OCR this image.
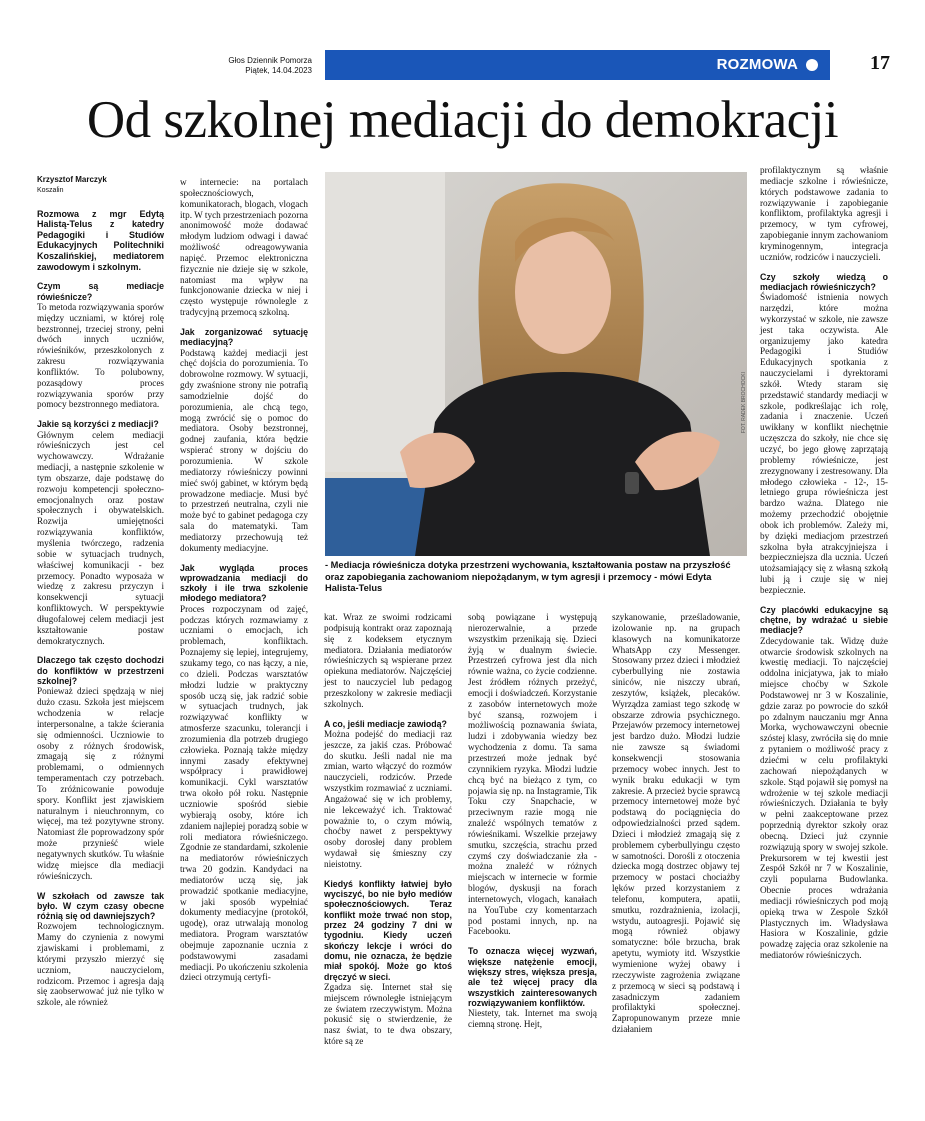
Głos Dziennik Pomorza
Piątek, 14.04.2023	ROZMOWA	17
Od szkolnej mediacji do demokracji

Krzysztof Marczyk

Koszalin

Rozmowa z mgr Edytą Halistą-Telus z katedry Pedagogiki i Studiów Edukacyjnych Politechniki Koszalińskiej, mediatorem zawodowym i szkolnym.

Czym są mediacje rówieśnicze?

To metoda rozwiązywania sporów między uczniami, w której rolę bezstronnej, trzeciej strony, pełni dwóch innych uczniów, rówieśników, przeszkolonych z zakresu rozwiązywania konfliktów. To polubowny, pozasądowy proces rozwiązywania sporów przy pomocy bezstronnego mediatora.

Jakie są korzyści z mediacji?

Głównym celem mediacji rówieśniczych jest cel wychowawczy. Wdrażanie mediacji, a następnie szkolenie w tym obszarze, daje podstawę do rozwoju kompetencji społeczno-emocjonalnych oraz postaw społecznych i obywatelskich. Rozwija umiejętności rozwiązywania konfliktów, myślenia twórczego, radzenia sobie w sytuacjach trudnych, właściwej komunikacji - bez przemocy. Ponadto wyposaża w wiedzę z zakresu przyczyn i konsekwencji sytuacji konfliktowych. W perspektywie długofalowej celem mediacji jest kształtowanie postaw demokratycznych.

Dlaczego tak często dochodzi do konfliktów w przestrzeni szkolnej?

Ponieważ dzieci spędzają w niej dużo czasu. Szkoła jest miejscem wchodzenia w relacje interpersonalne, a także ścierania się odmienności. Uczniowie to osoby z różnych środowisk, zmagają się z różnymi problemami, o odmiennych temperamentach czy potrzebach. To zróżnicowanie powoduje spory. Konflikt jest zjawiskiem naturalnym i nieuchronnym, co więcej, ma też pozytywne strony. Natomiast źle poprowadzony spór może przynieść wiele negatywnych skutków. Tu właśnie widzę miejsce dla mediacji rówieśniczych.

W szkołach od zawsze tak było. W czym czasy obecne różnią się od dawniejszych?

Rozwojem technologicznym. Mamy do czynienia z nowymi zjawiskami i problemami, z którymi przyszło mierzyć się uczniom, nauczycielom, rodzicom. Przemoc i agresja dają się zaobserwować już nie tylko w szkole, ale również

w internecie: na portalach społecznościowych, komunikatorach, blogach, vlogach itp. W tych przestrzeniach pozorna anonimowość może dodawać młodym ludziom odwagi i dawać możliwość odreagowywania napięć. Przemoc elektroniczna fizycznie nie dzieje się w szkole, natomiast ma wpływ na funkcjonowanie dziecka w niej i często występuje równolegle z tradycyjną przemocą szkolną.

Jak zorganizować sytuację mediacyjną?

Podstawą każdej mediacji jest chęć dojścia do porozumienia. To dobrowolne rozmowy. W sytuacji, gdy zwaśnione strony nie potrafią samodzielnie dojść do porozumienia, ale chcą tego, mogą zwrócić się o pomoc do mediatora. Osoby bezstronnej, godnej zaufania, która będzie wspierać strony w dojściu do porozumienia. W szkole mediatorzy rówieśniczy powinni mieć swój gabinet, w którym będą prowadzone mediacje. Musi być to przestrzeń neutralna, czyli nie może być to gabinet pedagoga czy sala do matematyki. Tam mediatorzy przechowują też dokumenty mediacyjne.

Jak wygląda proces wprowadzania mediacji do szkoły i ile trwa szkolenie młodego mediatora?

Proces rozpoczynam od zajęć, podczas których rozmawiamy z uczniami o emocjach, ich problemach, konfliktach. Poznajemy się lepiej, integrujemy, szukamy tego, co nas łączy, a nie, co dzieli. Podczas warsztatów młodzi ludzie w praktyczny sposób uczą się, jak radzić sobie w sytuacjach trudnych, jak rozwiązywać konflikty w atmosferze szacunku, tolerancji i zrozumienia dla potrzeb drugiego człowieka. Poznają także między innymi zasady efektywnej współpracy i prawidłowej komunikacji. Cykl warsztatów trwa około pół roku. Następnie uczniowie spośród siebie wybierają osoby, które ich zdaniem najlepiej poradzą sobie w roli mediatora rówieśniczego. Zgodnie ze standardami, szkolenie na mediatorów rówieśniczych trwa 20 godzin. Kandydaci na mediatorów uczą się, jak prowadzić spotkanie mediacyjne, w jaki sposób wypełniać dokumenty mediacyjne (protokół, ugodę), oraz utrwalają monolog mediatora. Program warsztatów obejmuje zapoznanie ucznia z podstawowymi zasadami mediacji. Po ukończeniu szkolenia dzieci otrzymują certyfi-

FOT. RADEK BROCHOCKI
- Mediacja rówieśnicza dotyka przestrzeni wychowania, kształtowania postaw na przyszłość oraz zapobiegania zachowaniom niepożądanym, w tym agresji i przemocy - mówi Edyta Halista-Telus

kat. Wraz ze swoimi rodzicami podpisują kontrakt oraz zapoznają się z kodeksem etycznym mediatora. Działania mediatorów rówieśniczych są wspierane przez opiekuna mediatorów. Najczęściej jest to nauczyciel lub pedagog przeszkolony w zakresie mediacji szkolnych.

A co, jeśli mediacje zawiodą?

Można podejść do mediacji raz jeszcze, za jakiś czas. Próbować do skutku. Jeśli nadal nie ma zmian, warto włączyć do rozmów nauczycieli, rodziców. Przede wszystkim rozmawiać z uczniami. Angażować się w ich problemy, nie lekceważyć ich. Traktować poważnie to, o czym mówią, choćby nawet z perspektywy osoby dorosłej dany problem wydawał się śmieszny czy nieistotny.

Kiedyś konflikty łatwiej było wyciszyć, bo nie było mediów społecznościowych. Teraz konflikt może trwać non stop, przez 24 godziny 7 dni w tygodniu. Kiedy uczeń skończy lekcje i wróci do domu, nie oznacza, że będzie miał spokój. Może go ktoś dręczyć w sieci.

Zgadza się. Internet stał się miejscem równoległe istniejącym ze światem rzeczywistym. Można pokusić się o stwierdzenie, że nasz świat, to te dwa obszary, które są ze

sobą powiązane i występują nierozerwalnie, a przede wszystkim przenikają się. Dzieci żyją w dualnym świecie. Przestrzeń cyfrowa jest dla nich równie ważna, co życie codzienne. Jest źródłem różnych przeżyć, emocji i doświadczeń. Korzystanie z zasobów internetowych może być szansą, rozwojem i możliwością poznawania świata, ludzi i zdobywania wiedzy bez wychodzenia z domu. Ta sama przestrzeń może jednak być czynnikiem ryzyka. Młodzi ludzie chcą być na bieżąco z tym, co pojawia się np. na Instagramie, Tik Toku czy Snapchacie, w przeciwnym razie mogą nie znaleźć wspólnych tematów z rówieśnikami. Wszelkie przejawy smutku, szczęścia, strachu przed czymś czy doświadczanie zła - można znaleźć w różnych miejscach w internecie w formie blogów, dyskusji na forach internetowych, vlogach, kanałach na YouTube czy komentarzach pod postami innych, np. na Facebooku.

To oznacza więcej wyzwań, większe natężenie emocji, większy stres, większa presja, ale też więcej pracy dla wszystkich zainteresowanych rozwiązywaniem konfliktów.

Niestety, tak. Internet ma swoją ciemną stronę. Hejt,

szykanowanie, prześladowanie, izolowanie np. na grupach klasowych na komunikatorze WhatsApp czy Messenger. Stosowany przez dzieci i młodzież cyberbullying nie zostawia siniców, nie niszczy ubrań, zeszytów, książek, plecaków. Wyrządza zamiast tego szkodę w obszarze zdrowia psychicznego. Przejawów przemocy internetowej jest bardzo dużo. Młodzi ludzie nie zawsze są świadomi konsekwencji stosowania przemocy wobec innych. Jest to wynik braku edukacji w tym zakresie. A przecież bycie sprawcą przemocy internetowej może być podstawą do pociągnięcia do odpowiedzialności przed sądem. Dzieci i młodzież zmagają się z problemem cyberbullyingu często w samotności. Dorośli z otoczenia dziecka mogą dostrzec objawy tej przemocy w postaci chociażby lęków przed korzystaniem z telefonu, komputera, apatii, smutku, rozdrażnienia, izolacji, wstydu, autoagresji. Pojawić się mogą również objawy somatyczne: bóle brzucha, brak apetytu, wymioty itd. Wszystkie wymienione wyżej obawy i rzeczywiste zagrożenia związane z przemocą w sieci są podstawą i zasadniczym zadaniem profilaktyki społecznej. Zapropunowanym przeze mnie działaniem

profilaktycznym są właśnie mediacje szkolne i rówieśnicze, których podstawowe zadania to rozwiązywanie i zapobieganie konfliktom, profilaktyka agresji i przemocy, w tym cyfrowej, zapobieganie innym zachowaniom kryminogennym, integracja uczniów, rodziców i nauczycieli.

Czy szkoły wiedzą o mediacjach rówieśniczych?

Świadomość istnienia nowych narzędzi, które można wykorzystać w szkole, nie zawsze jest taka oczywista. Ale organizujemy jako katedra Pedagogiki i Studiów Edukacyjnych spotkania z nauczycielami i dyrektorami szkół. Wtedy staram się przedstawić standardy mediacji w szkole, podkreślając ich rolę, zadania i znaczenie. Uczeń uwikłany w konflikt niechętnie uczęszcza do szkoły, nie chce się uczyć, bo jego głowę zaprzątają problemy rówieśnicze, jest zrezygnowany i zestresowany. Dla młodego człowieka - 12-, 15-letniego grupa rówieśnicza jest bardzo ważna. Dlatego nie możemy przechodzić obojętnie obok ich problemów. Zależy mi, by dzięki mediacjom przestrzeń szkolna była atrakcyjniejsza i bezpieczniejsza dla ucznia. Uczeń utożsamiający się z własną szkołą lubi ją i czuje się w niej bezpiecznie.

Czy placówki edukacyjne są chętne, by wdrażać u siebie mediacje?

Zdecydowanie tak. Widzę duże otwarcie środowisk szkolnych na kwestię mediacji. To najczęściej oddolna inicjatywa, jak to miało miejsce choćby w Szkole Podstawowej nr 3 w Koszalinie, gdzie zaraz po powrocie do szkół po zdalnym nauczaniu mgr Anna Morka, wychowawczyni obecnie szóstej klasy, zwróciła się do mnie z pytaniem o możliwość pracy z dziećmi w celu profilaktyki zachowań niepożądanych w szkole. Stąd pojawił się pomysł na wdrożenie w tej szkole mediacji rówieśniczych. Działania te były w pełni zaakceptowane przez poprzednią dyrektor szkoły oraz obecną. Dzieci już czynnie rozwiązują spory w swojej szkole. Prekursorem w tej kwestii jest Zespół Szkół nr 7 w Koszalinie, czyli popularna Budowlanka. Obecnie proces wdrażania mediacji rówieśniczych pod moją opieką trwa w Zespole Szkół Plastycznych im. Władysława Hasiora w Koszalinie, gdzie powadzę zajęcia oraz szkolenie na mediatorów rówieśniczych.
